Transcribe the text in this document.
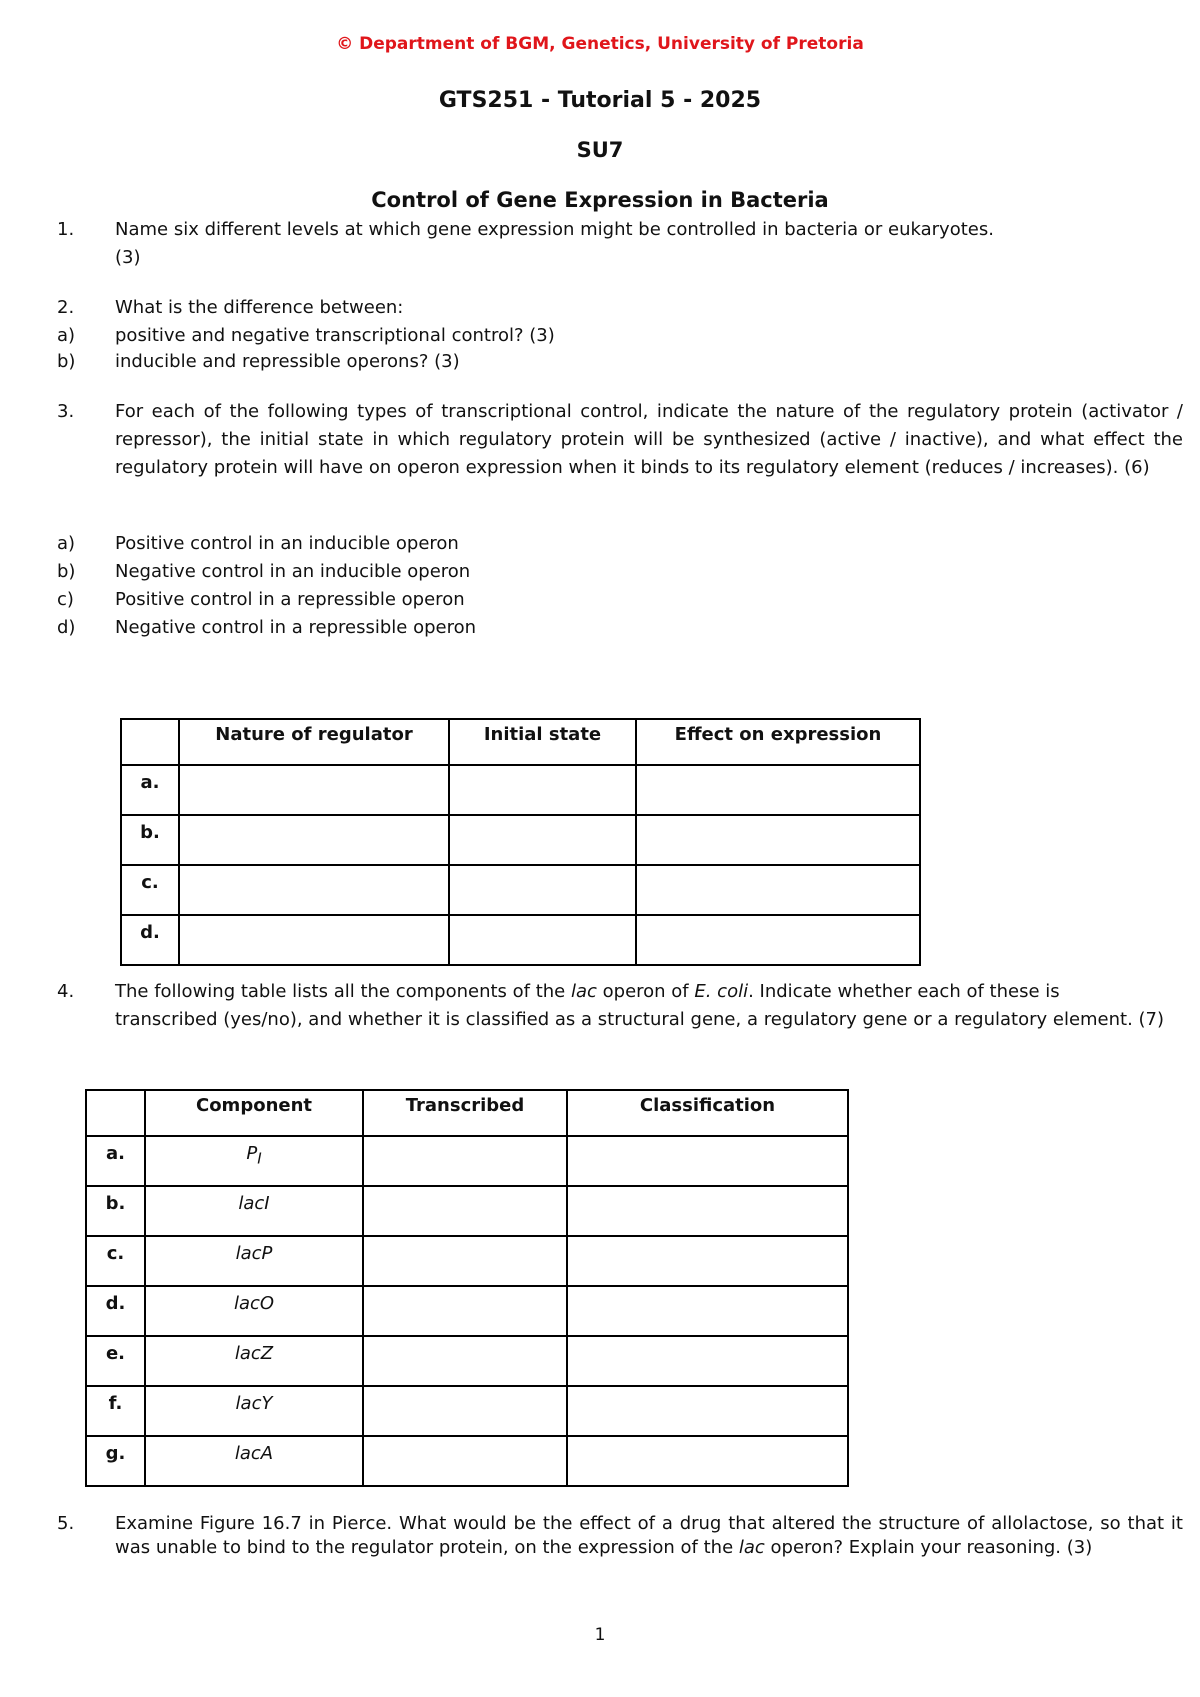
© Department of BGM, Genetics, University of Pretoria
GTS251 - Tutorial 5 - 2025
SU7
Control of Gene Expression in Bacteria
1.	Name six different levels at which gene expression might be controlled in bacteria or eukaryotes.
(3)
2.	What is the difference between:
a)	positive and negative transcriptional control? (3)
b)	inducible and repressible operons? (3)
3.	For each of the following types of transcriptional control, indicate the nature of the regulatory protein (activator / repressor), the initial state in which regulatory protein will be synthesized (active / inactive), and what effect the regulatory protein will have on operon expression when it binds to its regulatory element (reduces / increases). (6)
a)	Positive control in an inducible operon
b)	Negative control in an inducible operon
c)	Positive control in a repressible operon
d)	Negative control in a repressible operon
	Nature of regulator	Initial state	Effect on expression
a.			
b.			
c.			
d.			
4.	The following table lists all the components of the lac operon of E. coli. Indicate whether each of these is transcribed (yes/no), and whether it is classified as a structural gene, a regulatory gene or a regulatory element. (7)
	Component	Transcribed	Classification
a.	$P_I$		
b.	lacI		
c.	lacP		
d.	lacO		
e.	lacZ		
f.	lacY		
g.	lacA		
5.	Examine Figure 16.7 in Pierce. What would be the effect of a drug that altered the structure of allolactose, so that it was unable to bind to the regulator protein, on the expression of the lac operon? Explain your reasoning. (3)
1
